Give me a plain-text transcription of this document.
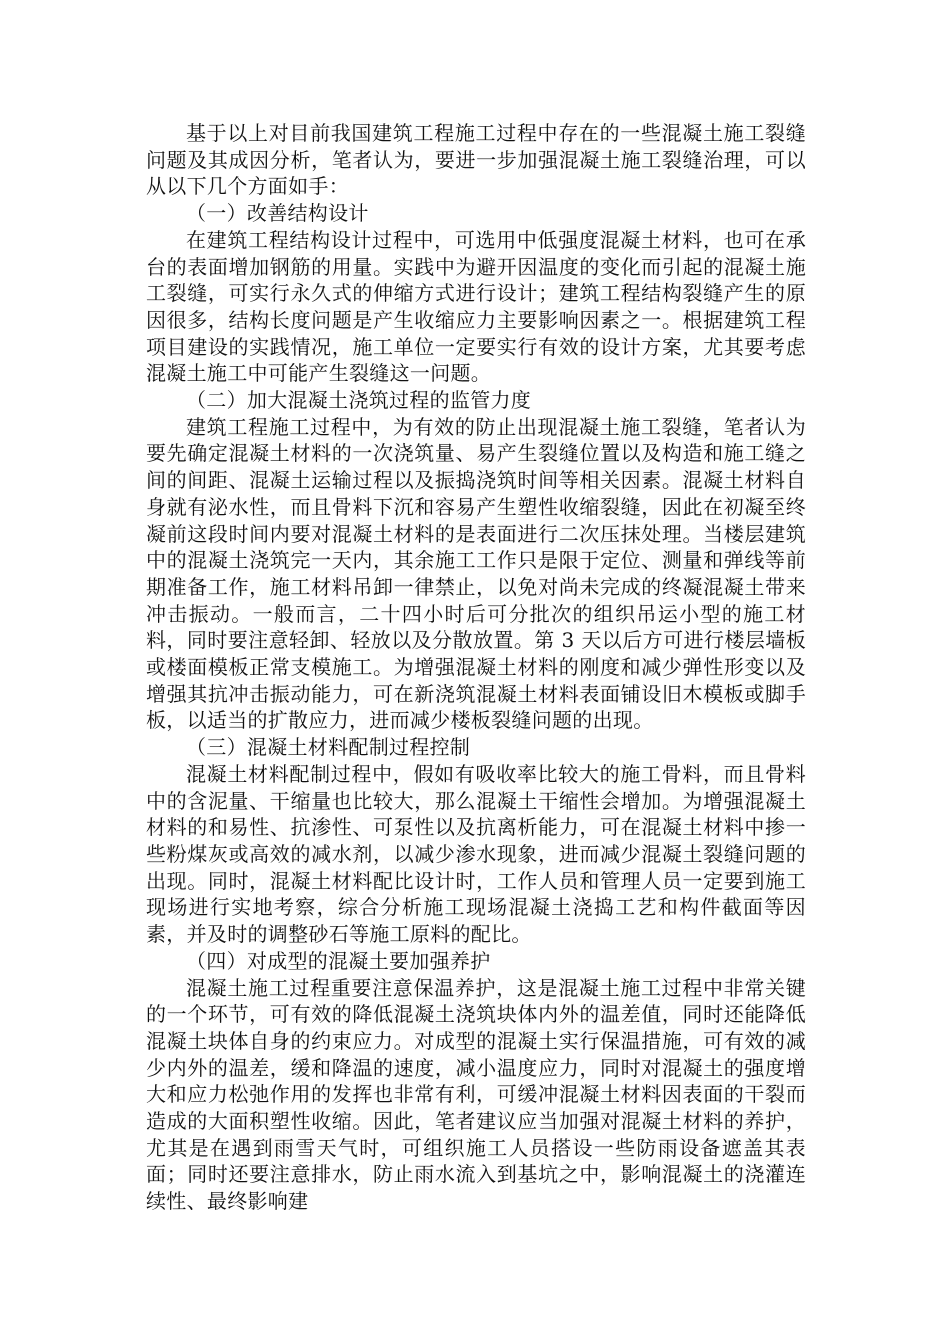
基于以上对目前我国建筑工程施工过程中存在的一些混凝土施工裂缝问题及其成因分析，笔者认为，要进一步加强混凝土施工裂缝治理，可以从以下几个方面如手：

（一）改善结构设计

在建筑工程结构设计过程中，可选用中低强度混凝土材料，也可在承台的表面增加钢筋的用量。实践中为避开因温度的变化而引起的混凝土施工裂缝，可实行永久式的伸缩方式进行设计；建筑工程结构裂缝产生的原因很多，结构长度问题是产生收缩应力主要影响因素之一。根据建筑工程项目建设的实践情况，施工单位一定要实行有效的设计方案，尤其要考虑混凝土施工中可能产生裂缝这一问题。

（二）加大混凝土浇筑过程的监管力度

建筑工程施工过程中，为有效的防止出现混凝土施工裂缝，笔者认为要先确定混凝土材料的一次浇筑量、易产生裂缝位置以及构造和施工缝之间的间距、混凝土运输过程以及振捣浇筑时间等相关因素。混凝土材料自身就有泌水性，而且骨料下沉和容易产生塑性收缩裂缝，因此在初凝至终凝前这段时间内要对混凝土材料的是表面进行二次压抹处理。当楼层建筑中的混凝土浇筑完一天内，其余施工工作只是限于定位、测量和弹线等前期准备工作，施工材料吊卸一律禁止，以免对尚未完成的终凝混凝土带来冲击振动。一般而言，二十四小时后可分批次的组织吊运小型的施工材料，同时要注意轻卸、轻放以及分散放置。第 3 天以后方可进行楼层墙板或楼面模板正常支模施工。为增强混凝土材料的刚度和减少弹性形变以及增强其抗冲击振动能力，可在新浇筑混凝土材料表面铺设旧木模板或脚手板，以适当的扩散应力，进而减少楼板裂缝问题的出现。

（三）混凝土材料配制过程控制

混凝土材料配制过程中，假如有吸收率比较大的施工骨料，而且骨料中的含泥量、干缩量也比较大，那么混凝土干缩性会增加。为增强混凝土材料的和易性、抗渗性、可泵性以及抗离析能力，可在混凝土材料中掺一些粉煤灰或高效的减水剂，以减少渗水现象，进而减少混凝土裂缝问题的出现。同时，混凝土材料配比设计时，工作人员和管理人员一定要到施工现场进行实地考察，综合分析施工现场混凝土浇捣工艺和构件截面等因素，并及时的调整砂石等施工原料的配比。

（四）对成型的混凝土要加强养护

混凝土施工过程重要注意保温养护，这是混凝土施工过程中非常关键的一个环节，可有效的降低混凝土浇筑块体内外的温差值，同时还能降低混凝土块体自身的约束应力。对成型的混凝土实行保温措施，可有效的减少内外的温差，缓和降温的速度，减小温度应力，同时对混凝土的强度增大和应力松弛作用的发挥也非常有利，可缓冲混凝土材料因表面的干裂而造成的大面积塑性收缩。因此，笔者建议应当加强对混凝土材料的养护，尤其是在遇到雨雪天气时，可组织施工人员搭设一些防雨设备遮盖其表面；同时还要注意排水，防止雨水流入到基坑之中，影响混凝土的浇灌连续性、最终影响建
